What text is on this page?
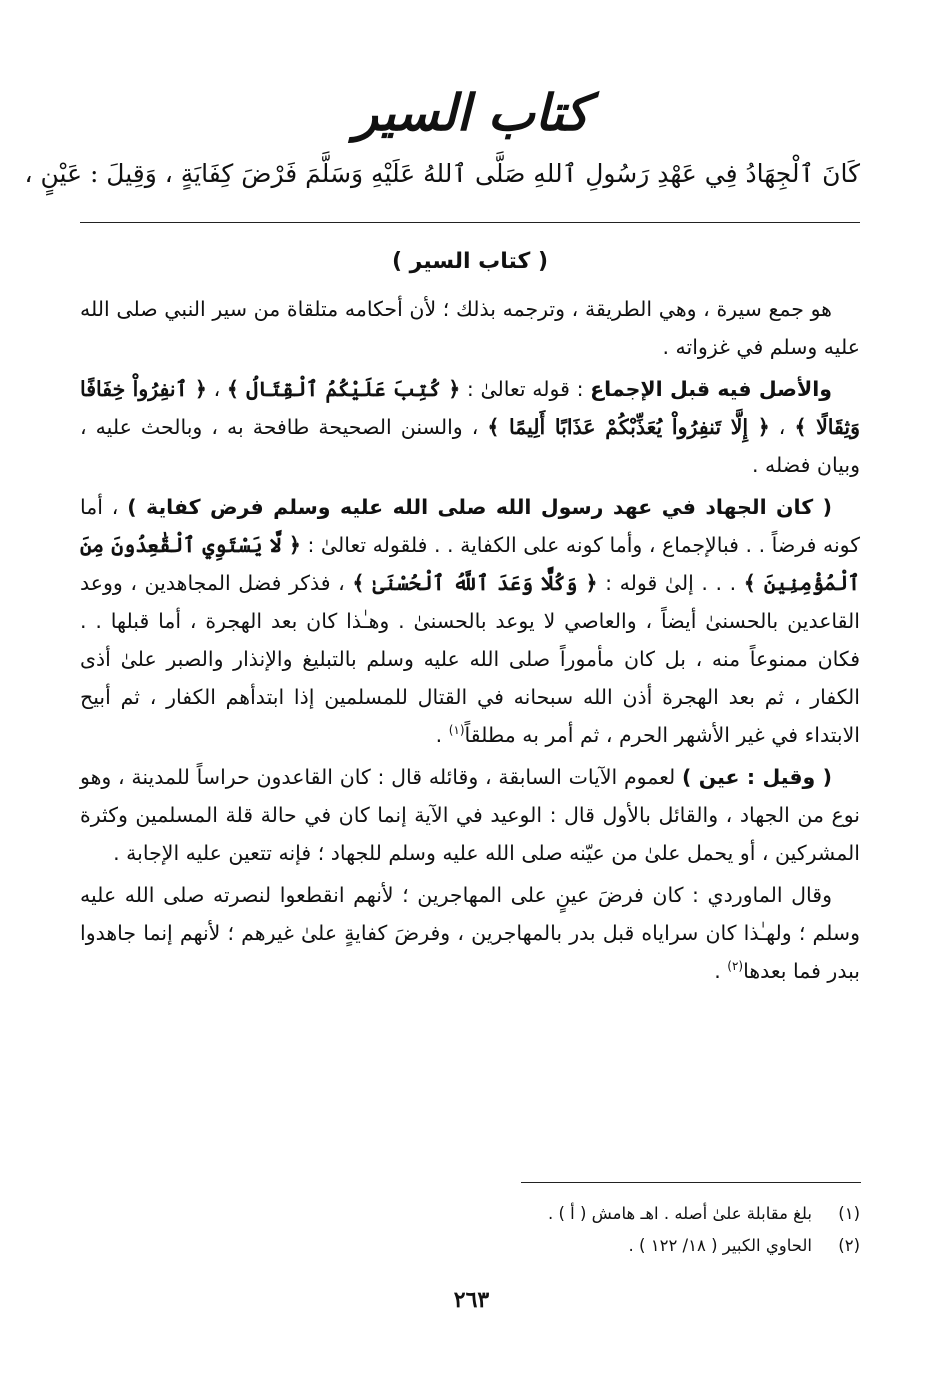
كتاب السير
كَانَ ٱلْجِهَادُ فِي عَهْدِ رَسُولِ ٱللهِ صَلَّى ٱللهُ عَلَيْهِ وَسَلَّمَ فَرْضَ كِفَايَةٍ ، وَقِيلَ : عَيْنٍ ،
( كتاب السير )

هو جمع سيرة ، وهي الطريقة ، وترجمه بذلك ؛ لأن أحكامه متلقاة من سير النبي صلى الله عليه وسلم في غزواته .

والأصل فيه قبل الإجماع : قوله تعالىٰ : ﴿ كُتِبَ عَلَيْكُمُ ٱلْقِتَالُ ﴾ ، ﴿ ٱنفِرُواْ خِفَافًا وَثِقَالًا ﴾ ، ﴿ إِلَّا تَنفِرُواْ يُعَذِّبْكُمْ عَذَابًا أَلِيمًا ﴾ ، والسنن الصحيحة طافحة به ، وبالحث عليه ، وبيان فضله .

( كان الجهاد في عهد رسول الله صلى الله عليه وسلم فرض كفاية ) ، أما كونه فرضاً . . فبالإجماع ، وأما كونه على الكفاية . . فلقوله تعالىٰ : ﴿ لَّا يَسْتَوِي ٱلْقَٰعِدُونَ مِنَ ٱلْمُؤْمِنِينَ ﴾ . . . إلىٰ قوله : ﴿ وَكُلًّا وَعَدَ ٱللَّهُ ٱلْحُسْنَىٰ ﴾ ، فذكر فضل المجاهدين ، ووعد القاعدين بالحسنىٰ أيضاً ، والعاصي لا يوعد بالحسنىٰ . وهـٰذا كان بعد الهجرة ، أما قبلها . . فكان ممنوعاً منه ، بل كان مأموراً صلى الله عليه وسلم بالتبليغ والإنذار والصبر علىٰ أذى الكفار ، ثم بعد الهجرة أذن الله سبحانه في القتال للمسلمين إذا ابتدأهم الكفار ، ثم أبيح الابتداء في غير الأشهر الحرم ، ثم أمر به مطلقاً$^{(١)}$ .

( وقيل : عين ) لعموم الآيات السابقة ، وقائله قال : كان القاعدون حراساً للمدينة ، وهو نوع من الجهاد ، والقائل بالأول قال : الوعيد في الآية إنما كان في حالة قلة المسلمين وكثرة المشركين ، أو يحمل علىٰ من عيّنه صلى الله عليه وسلم للجهاد ؛ فإنه تتعين عليه الإجابة .

وقال الماوردي : كان فرضَ عينٍ على المهاجرين ؛ لأنهم انقطعوا لنصرته صلى الله عليه وسلم ؛ ولهـٰذا كان سراياه قبل بدر بالمهاجرين ، وفرضَ كفايةٍ علىٰ غيرهم ؛ لأنهم إنما جاهدوا ببدر فما بعدها$^{(٢)}$ .

(١)بلغ مقابلة علىٰ أصله . اهـ هامش ( أ ) .
(٢)الحاوي الكبير ( ١٨/ ١٢٢ ) .
٢٦٣
